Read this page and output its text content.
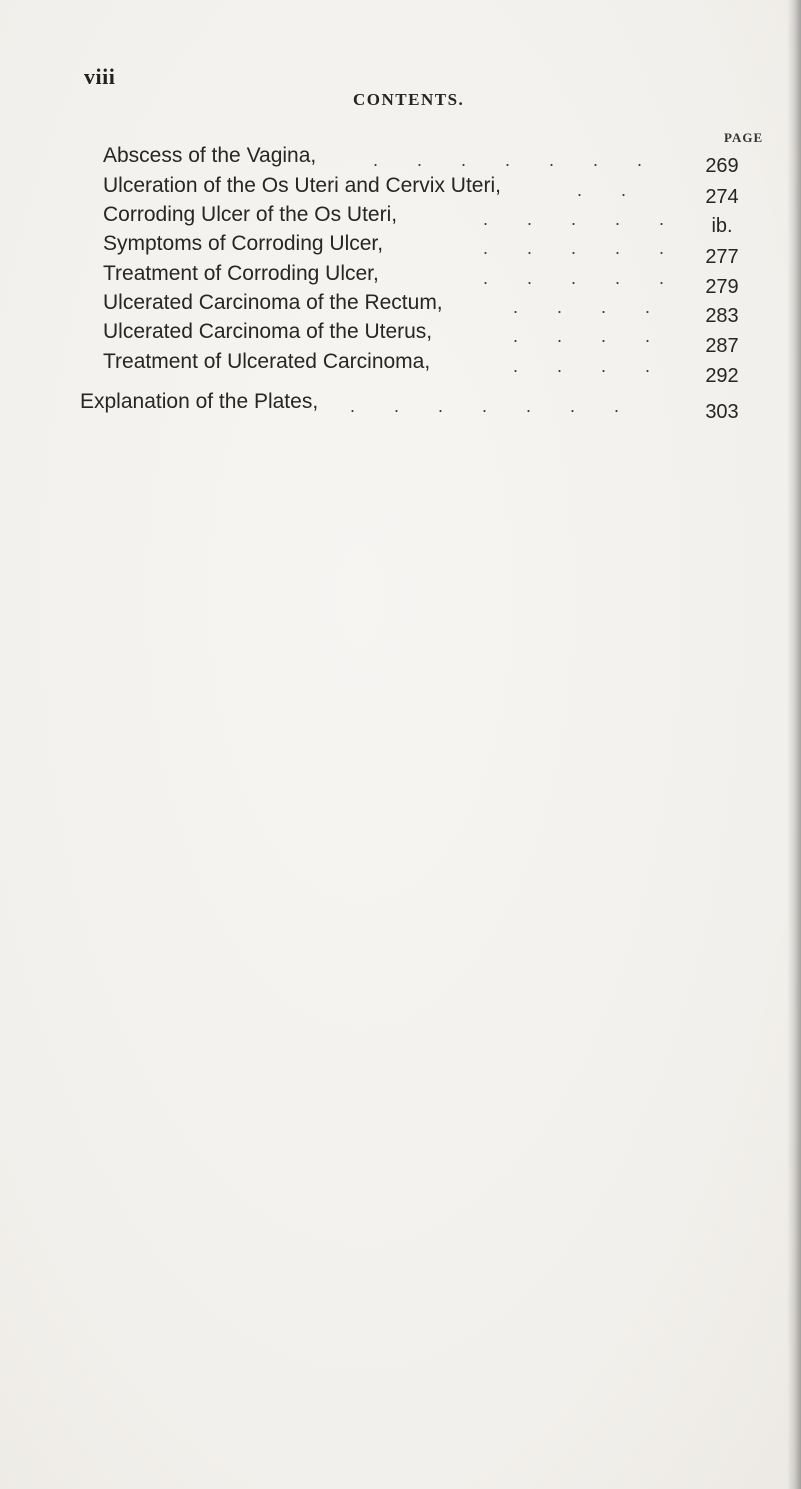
viii
CONTENTS.
PAGE
Abscess of the Vagina,	. . . . . . .	269
Ulceration of the Os Uteri and Cervix Uteri,	. .	274
Corroding Ulcer of the Os Uteri,	. . . . .	ib.
Symptoms of Corroding Ulcer,	. . . . .	277
Treatment of Corroding Ulcer,	. . . . .	279
Ulcerated Carcinoma of the Rectum,	. . . .	283
Ulcerated Carcinoma of the Uterus,	. . . .	287
Treatment of Ulcerated Carcinoma,	. . . .	292
Explanation of the Plates, . . . . . . .	303
